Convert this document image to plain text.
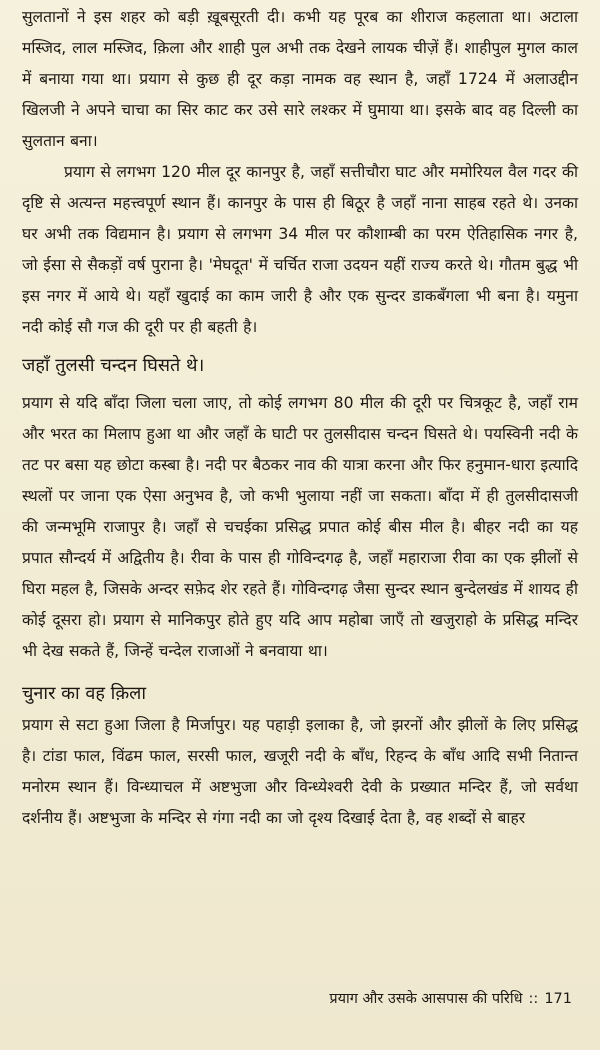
सुलतानों ने इस शहर को बड़ी ख़ूबसूरती दी। कभी यह पूरब का शीराज कहलाता था। अटाला मस्जिद, लाल मस्जिद, क़िला और शाही पुल अभी तक देखने लायक चीज़ें हैं। शाहीपुल मुगल काल में बनाया गया था। प्रयाग से कुछ ही दूर कड़ा नामक वह स्थान है, जहाँ 1724 में अलाउद्दीन खिलजी ने अपने चाचा का सिर काट कर उसे सारे लश्कर में घुमाया था। इसके बाद वह दिल्ली का सुलतान बना।

प्रयाग से लगभग 120 मील दूर कानपुर है, जहाँ सत्तीचौरा घाट और ममोरियल वैल गदर की दृष्टि से अत्यन्त महत्त्वपूर्ण स्थान हैं। कानपुर के पास ही बिठूर है जहाँ नाना साहब रहते थे। उनका घर अभी तक विद्यमान है। प्रयाग से लगभग 34 मील पर कौशाम्बी का परम ऐतिहासिक नगर है, जो ईसा से सैकड़ों वर्ष पुराना है। 'मेघदूत' में चर्चित राजा उदयन यहीं राज्य करते थे। गौतम बुद्ध भी इस नगर में आये थे। यहाँ खुदाई का काम जारी है और एक सुन्दर डाकबँगला भी बना है। यमुना नदी कोई सौ गज की दूरी पर ही बहती है।

जहाँ तुलसी चन्दन घिसते थे।

प्रयाग से यदि बाँदा जिला चला जाए, तो कोई लगभग 80 मील की दूरी पर चित्रकूट है, जहाँ राम और भरत का मिलाप हुआ था और जहाँ के घाटी पर तुलसीदास चन्दन घिसते थे। पयस्विनी नदी के तट पर बसा यह छोटा कस्बा है। नदी पर बैठकर नाव की यात्रा करना और फिर हनुमान-धारा इत्यादि स्थलों पर जाना एक ऐसा अनुभव है, जो कभी भुलाया नहीं जा सकता। बाँदा में ही तुलसीदासजी की जन्मभूमि राजापुर है। जहाँ से चचईका प्रसिद्ध प्रपात कोई बीस मील है। बीहर नदी का यह प्रपात सौन्दर्य में अद्वितीय है। रीवा के पास ही गोविन्दगढ़ है, जहाँ महाराजा रीवा का एक झीलों से घिरा महल है, जिसके अन्दर सफ़ेद शेर रहते हैं। गोविन्दगढ़ जैसा सुन्दर स्थान बुन्देलखंड में शायद ही कोई दूसरा हो। प्रयाग से मानिकपुर होते हुए यदि आप महोबा जाएँ तो खजुराहो के प्रसिद्ध मन्दिर भी देख सकते हैं, जिन्हें चन्देल राजाओं ने बनवाया था।

चुनार का वह क़िला

प्रयाग से सटा हुआ जिला है मिर्जापुर। यह पहाड़ी इलाका है, जो झरनों और झीलों के लिए प्रसिद्ध है। टांडा फाल, विंढम फाल, सरसी फाल, खजूरी नदी के बाँध, रिहन्द के बाँध आदि सभी नितान्त मनोरम स्थान हैं। विन्ध्याचल में अष्टभुजा और विन्ध्येश्वरी देवी के प्रख्यात मन्दिर हैं, जो सर्वथा दर्शनीय हैं। अष्टभुजा के मन्दिर से गंगा नदी का जो दृश्य दिखाई देता है, वह शब्दों से बाहर

प्रयाग और उसके आसपास की परिधि :: 171
